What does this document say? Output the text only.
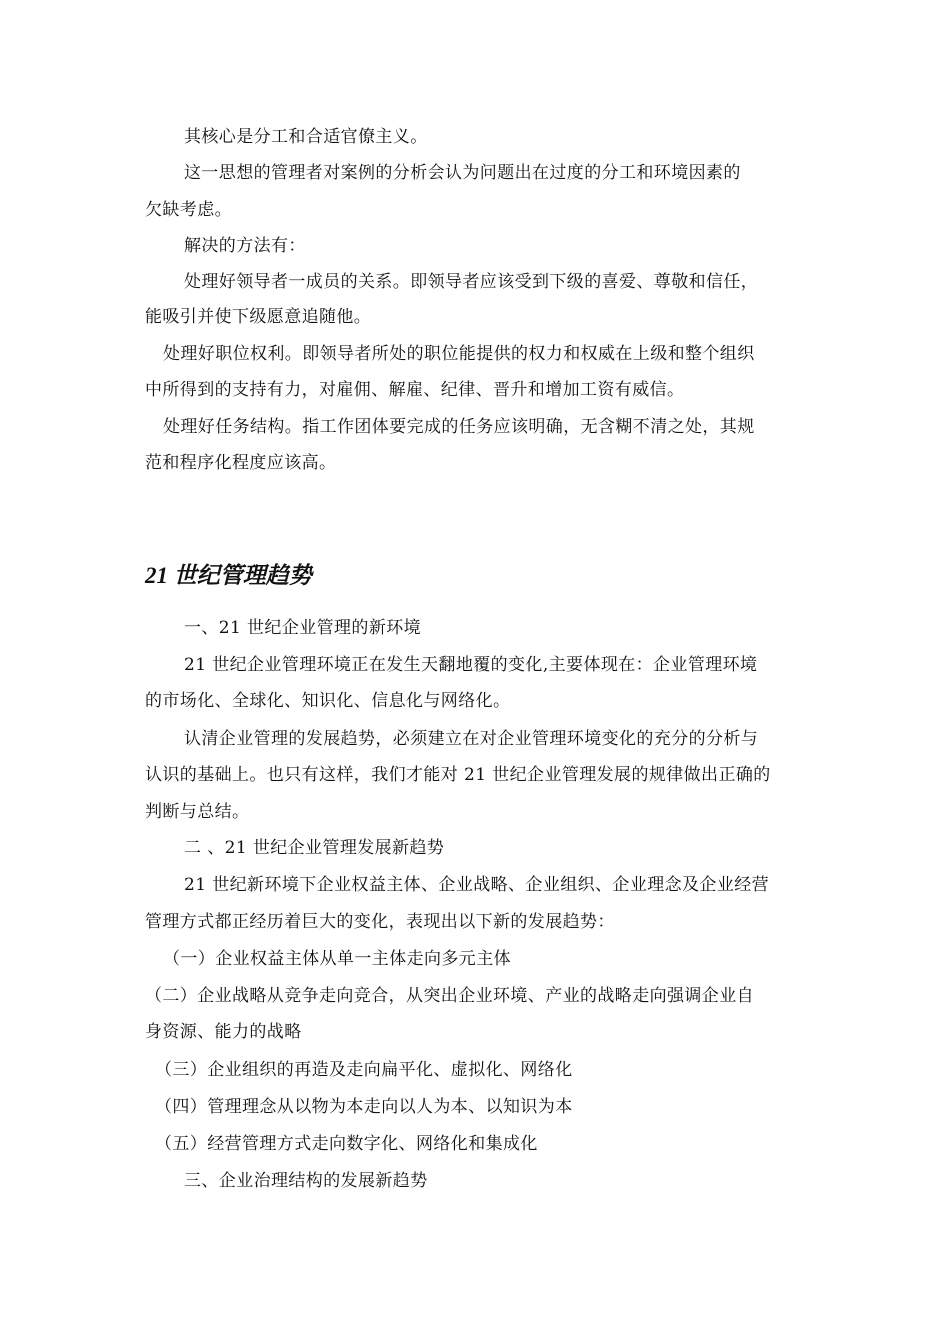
其核心是分工和合适官僚主义。
这一思想的管理者对案例的分析会认为问题出在过度的分工和环境因素的
欠缺考虑。
解决的方法有：
处理好领导者一成员的关系。即领导者应该受到下级的喜爱、尊敬和信任，
能吸引并使下级愿意追随他。
处理好职位权利。即领导者所处的职位能提供的权力和权威在上级和整个组织
中所得到的支持有力，对雇佣、解雇、纪律、晋升和增加工资有威信。
处理好任务结构。指工作团体要完成的任务应该明确，无含糊不清之处，其规
范和程序化程度应该高。
21 世纪管理趋势
一、21 世纪企业管理的新环境
21 世纪企业管理环境正在发生天翻地覆的变化,主要体现在：企业管理环境
的市场化、全球化、知识化、信息化与网络化。
认清企业管理的发展趋势，必须建立在对企业管理环境变化的充分的分析与
认识的基础上。也只有这样，我们才能对 21 世纪企业管理发展的规律做出正确的
判断与总结。
二 、21 世纪企业管理发展新趋势
21 世纪新环境下企业权益主体、企业战略、企业组织、企业理念及企业经营
管理方式都正经历着巨大的变化，表现出以下新的发展趋势：
（一）企业权益主体从单一主体走向多元主体
（二）企业战略从竞争走向竞合，从突出企业环境、产业的战略走向强调企业自
身资源、能力的战略
（三）企业组织的再造及走向扁平化、虚拟化、网络化
（四）管理理念从以物为本走向以人为本、以知识为本
（五）经营管理方式走向数字化、网络化和集成化
三、企业治理结构的发展新趋势
